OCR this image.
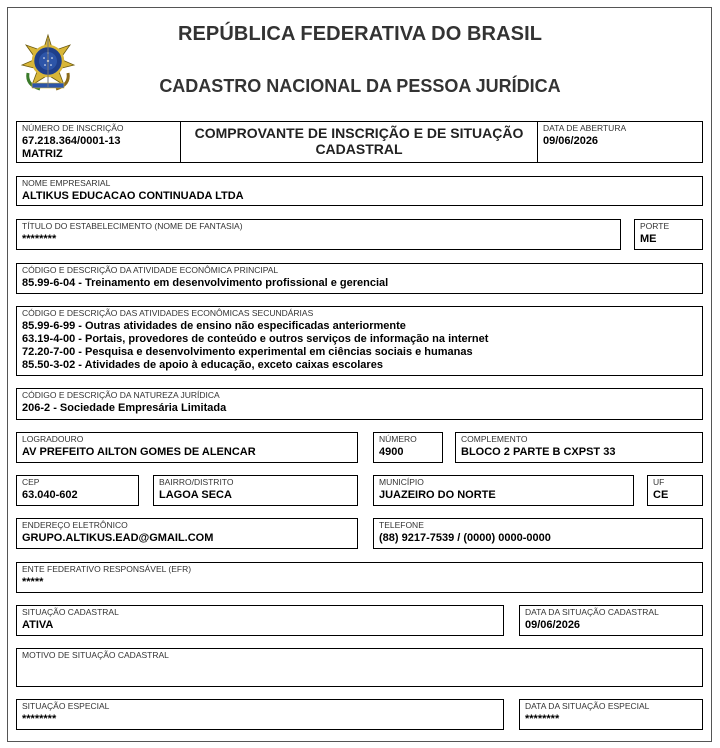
REPÚBLICA FEDERATIVA DO BRASIL
CADASTRO NACIONAL DA PESSOA JURÍDICA
NÚMERO DE INSCRIÇÃO
67.218.364/0001-13
MATRIZ
COMPROVANTE DE INSCRIÇÃO E DE SITUAÇÃO
CADASTRAL
DATA DE ABERTURA
09/06/2026
NOME EMPRESARIAL
ALTIKUS EDUCACAO CONTINUADA LTDA
TÍTULO DO ESTABELECIMENTO (NOME DE FANTASIA)
********
PORTE
ME
CÓDIGO E DESCRIÇÃO DA ATIVIDADE ECONÔMICA PRINCIPAL
85.99-6-04 - Treinamento em desenvolvimento profissional e gerencial
CÓDIGO E DESCRIÇÃO DAS ATIVIDADES ECONÔMICAS SECUNDÁRIAS
85.99-6-99 - Outras atividades de ensino não especificadas anteriormente
63.19-4-00 - Portais, provedores de conteúdo e outros serviços de informação na internet
72.20-7-00 - Pesquisa e desenvolvimento experimental em ciências sociais e humanas
85.50-3-02 - Atividades de apoio à educação, exceto caixas escolares
CÓDIGO E DESCRIÇÃO DA NATUREZA JURÍDICA
206-2 - Sociedade Empresária Limitada
LOGRADOURO
AV PREFEITO AILTON GOMES DE ALENCAR
NÚMERO
4900
COMPLEMENTO
BLOCO 2 PARTE B CXPST 33
CEP
63.040-602
BAIRRO/DISTRITO
LAGOA SECA
MUNICÍPIO
JUAZEIRO DO NORTE
UF
CE
ENDEREÇO ELETRÔNICO
GRUPO.ALTIKUS.EAD@GMAIL.COM
TELEFONE
(88) 9217-7539 / (0000) 0000-0000
ENTE FEDERATIVO RESPONSÁVEL (EFR)
*****
SITUAÇÃO CADASTRAL
ATIVA
DATA DA SITUAÇÃO CADASTRAL
09/06/2026
MOTIVO DE SITUAÇÃO CADASTRAL
SITUAÇÃO ESPECIAL
********
DATA DA SITUAÇÃO ESPECIAL
********
